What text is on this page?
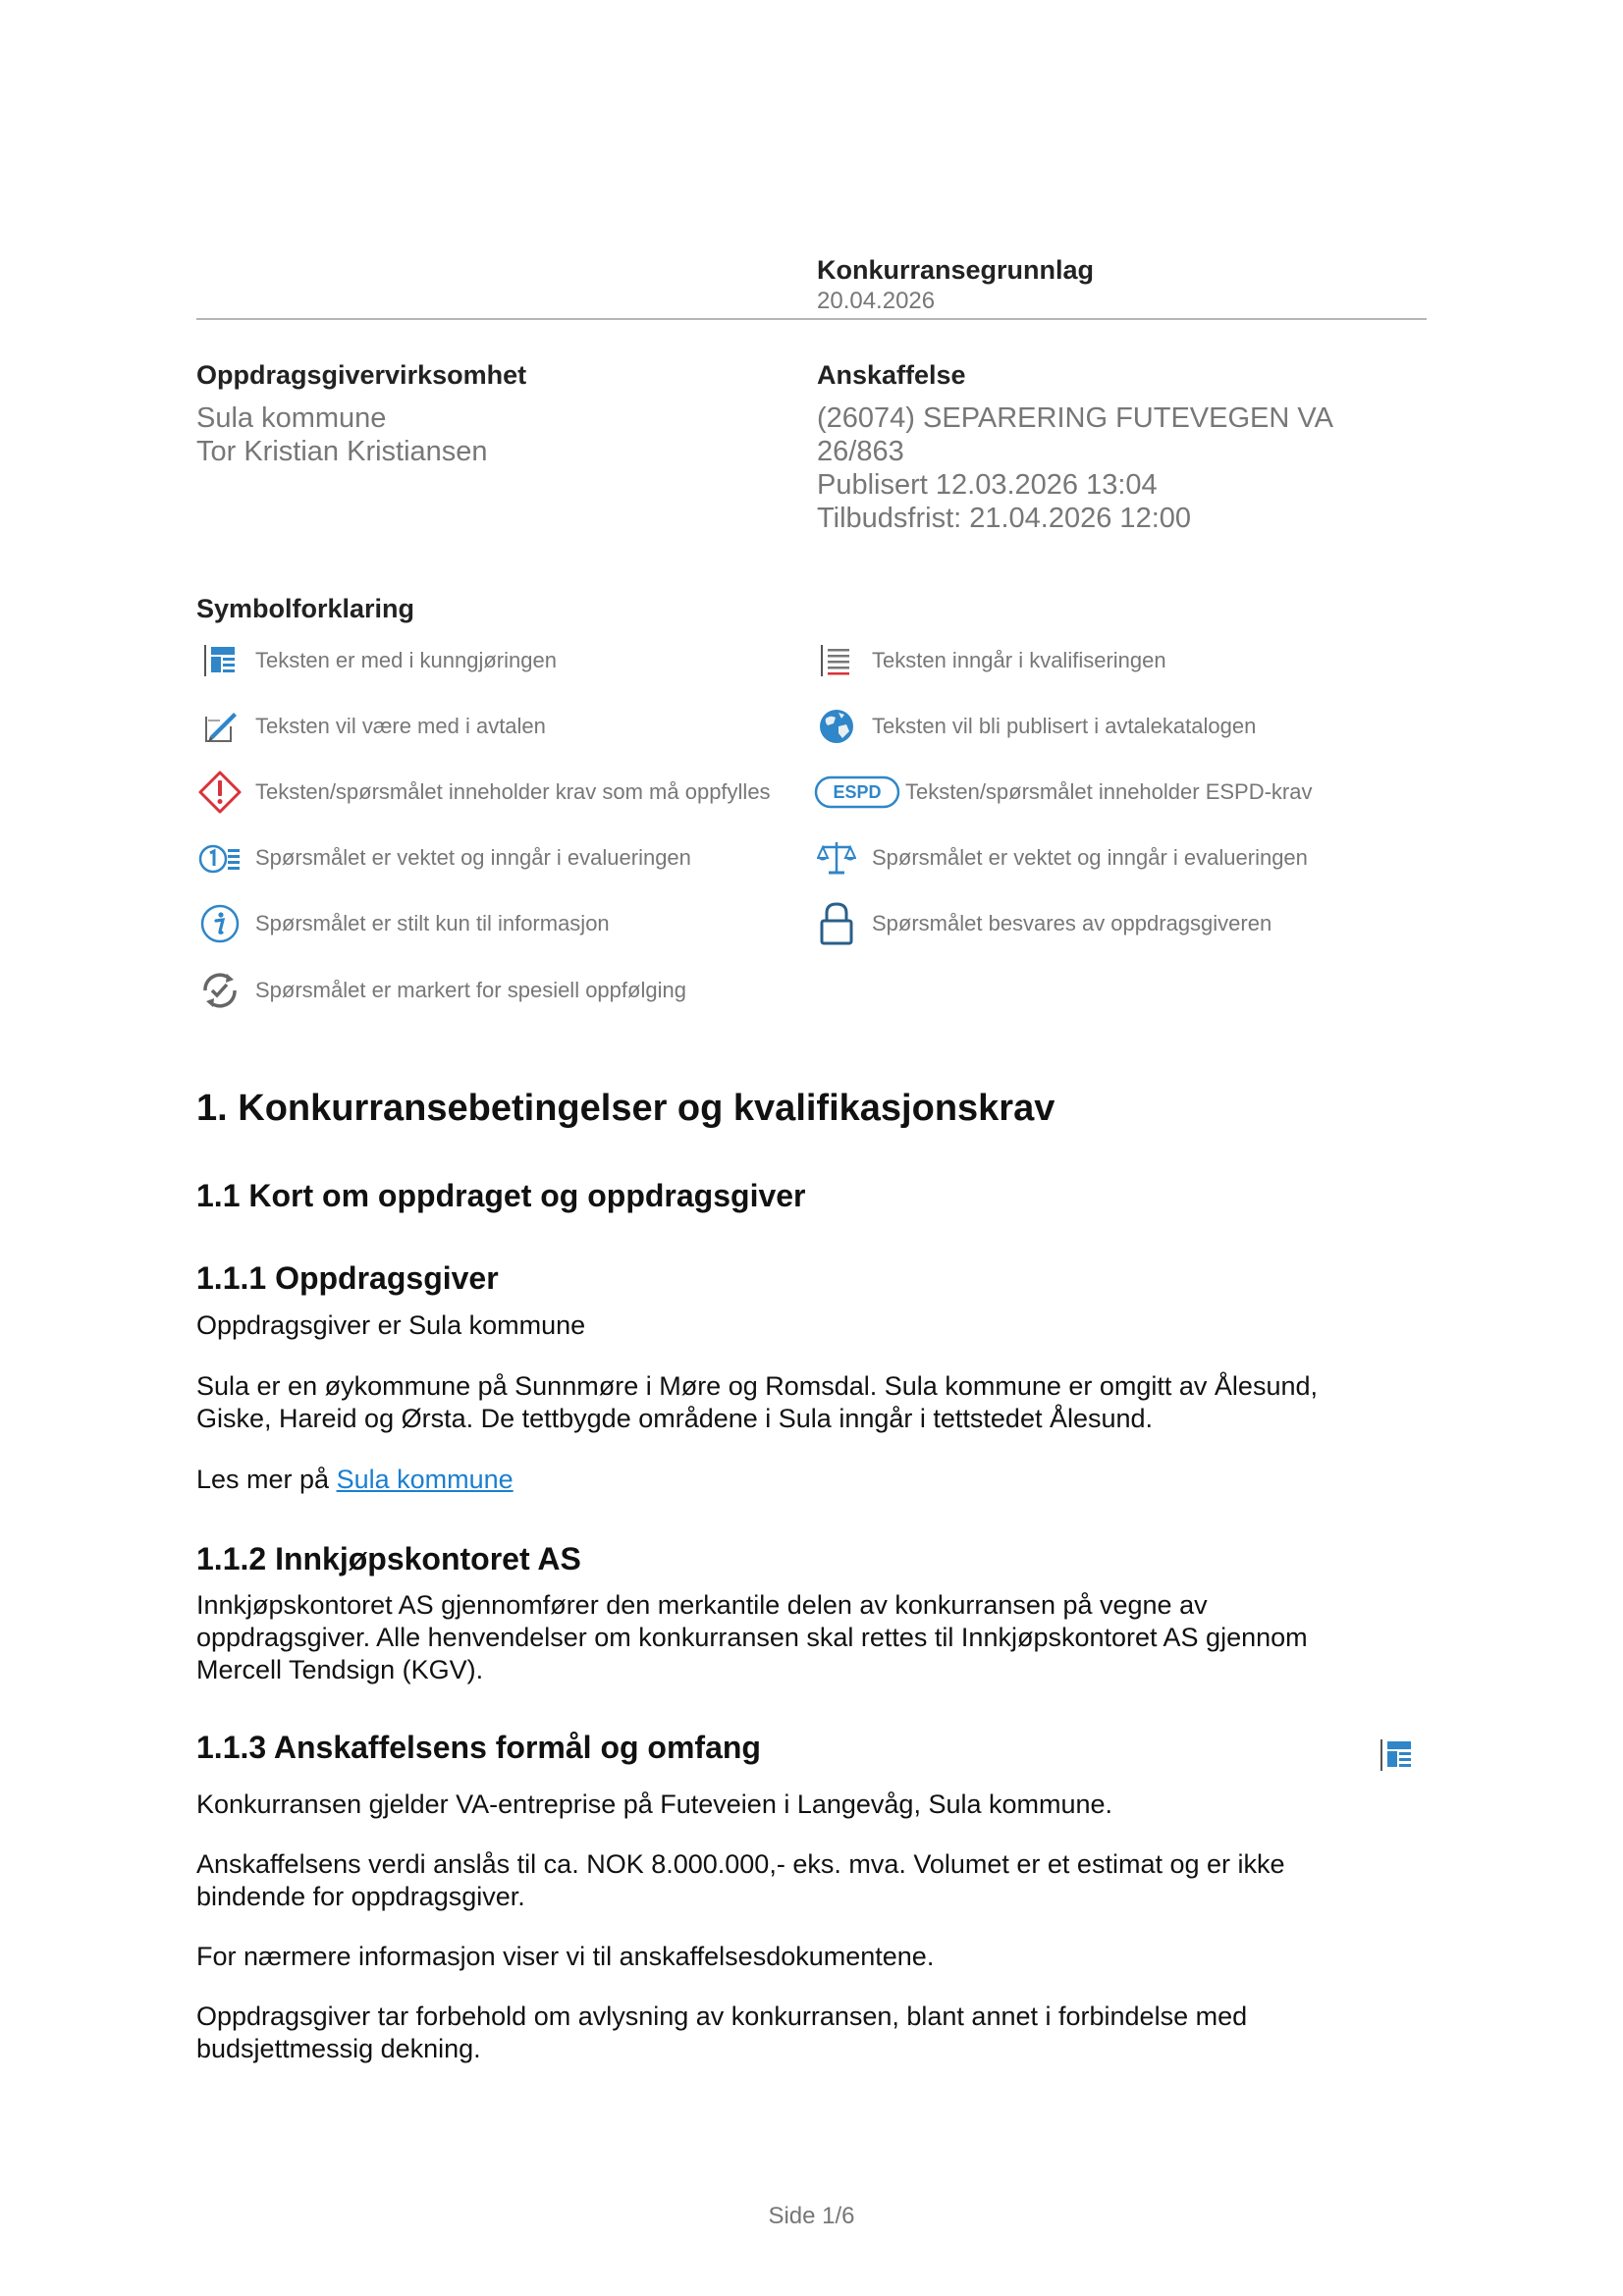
Konkurransegrunnlag
20.04.2026
Oppdragsgivervirksomhet
Sula kommune
Tor Kristian Kristiansen
Anskaffelse
(26074) SEPARERING FUTEVEGEN VA
26/863
Publisert 12.03.2026 13:04
Tilbudsfrist: 21.04.2026 12:00
Symbolforklaring
Teksten er med i kunngjøringen	Teksten inngår i kvalifiseringen
Teksten vil være med i avtalen	Teksten vil bli publisert i avtalekatalogen
Teksten/spørsmålet inneholder krav som må oppfylles	ESPD Teksten/spørsmålet inneholder ESPD-krav
Spørsmålet er vektet og inngår i evalueringen	Spørsmålet er vektet og inngår i evalueringen
Spørsmålet er stilt kun til informasjon	Spørsmålet besvares av oppdragsgiveren
Spørsmålet er markert for spesiell oppfølging
1. Konkurransebetingelser og kvalifikasjonskrav
1.1 Kort om oppdraget og oppdragsgiver
1.1.1 Oppdragsgiver

Oppdragsgiver er Sula kommune

Sula er en øykommune på Sunnmøre i Møre og Romsdal. Sula kommune er omgitt av Ålesund, Giske, Hareid og Ørsta. De tettbygde områdene i Sula inngår i tettstedet Ålesund.

Les mer på Sula kommune

1.1.2 Innkjøpskontoret AS

Innkjøpskontoret AS gjennomfører den merkantile delen av konkurransen på vegne av oppdragsgiver. Alle henvendelser om konkurransen skal rettes til Innkjøpskontoret AS gjennom Mercell Tendsign (KGV).

1.1.3 Anskaffelsens formål og omfang

Konkurransen gjelder VA-entreprise på Futeveien i Langevåg, Sula kommune.

Anskaffelsens verdi anslås til ca. NOK 8.000.000,- eks. mva. Volumet er et estimat og er ikke bindende for oppdragsgiver.

For nærmere informasjon viser vi til anskaffelsesdokumentene.

Oppdragsgiver tar forbehold om avlysning av konkurransen, blant annet i forbindelse med budsjettmessig dekning.

Side 1/6
